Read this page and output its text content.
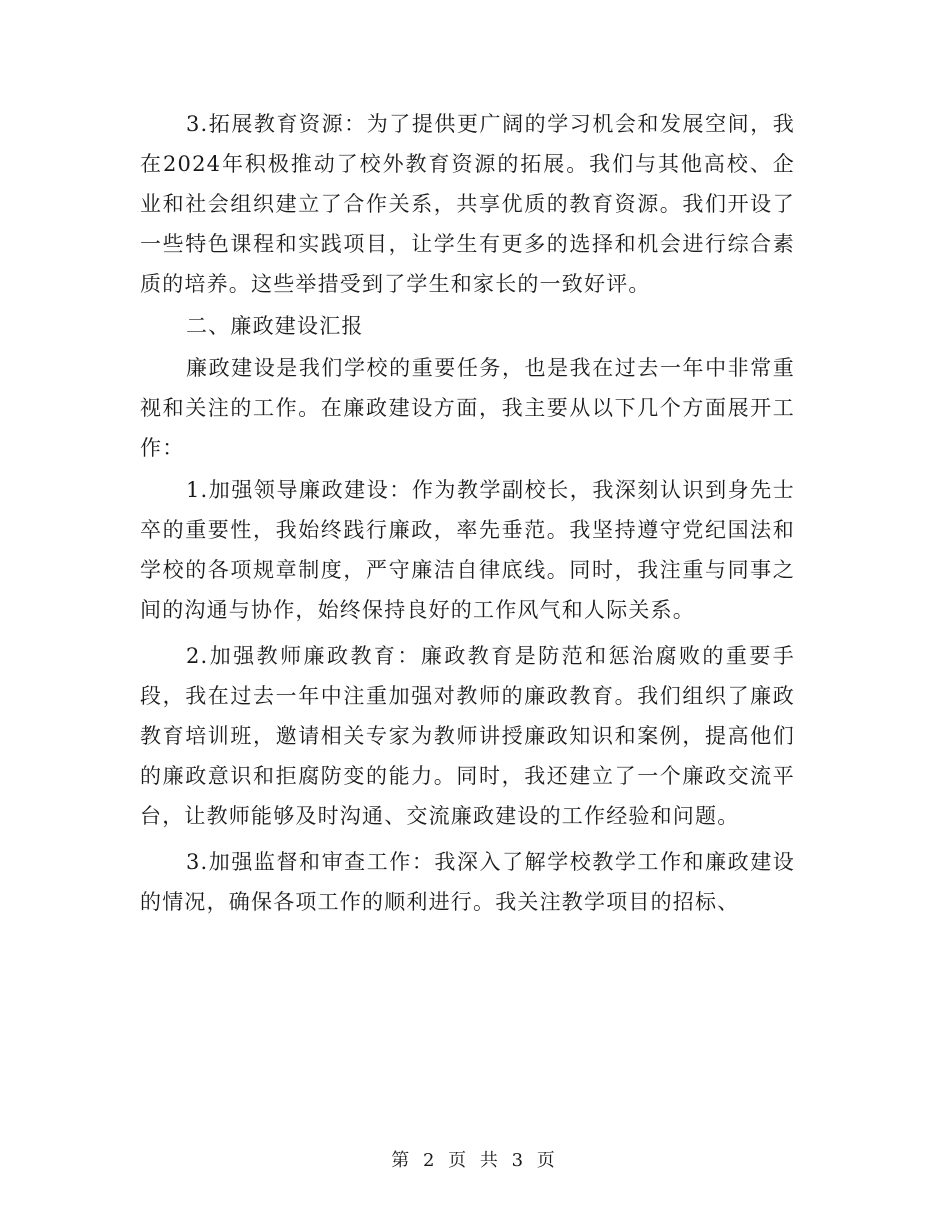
3.拓展教育资源：为了提供更广阔的学习机会和发展空间，我在2024年积极推动了校外教育资源的拓展。我们与其他高校、企业和社会组织建立了合作关系，共享优质的教育资源。我们开设了一些特色课程和实践项目，让学生有更多的选择和机会进行综合素质的培养。这些举措受到了学生和家长的一致好评。

二、廉政建设汇报

廉政建设是我们学校的重要任务，也是我在过去一年中非常重视和关注的工作。在廉政建设方面，我主要从以下几个方面展开工作：

1.加强领导廉政建设：作为教学副校长，我深刻认识到身先士卒的重要性，我始终践行廉政，率先垂范。我坚持遵守党纪国法和学校的各项规章制度，严守廉洁自律底线。同时，我注重与同事之间的沟通与协作，始终保持良好的工作风气和人际关系。

2.加强教师廉政教育：廉政教育是防范和惩治腐败的重要手段，我在过去一年中注重加强对教师的廉政教育。我们组织了廉政教育培训班，邀请相关专家为教师讲授廉政知识和案例，提高他们的廉政意识和拒腐防变的能力。同时，我还建立了一个廉政交流平台，让教师能够及时沟通、交流廉政建设的工作经验和问题。

3.加强监督和审查工作：我深入了解学校教学工作和廉政建设的情况，确保各项工作的顺利进行。我关注教学项目的招标、

第 2 页 共 3 页
